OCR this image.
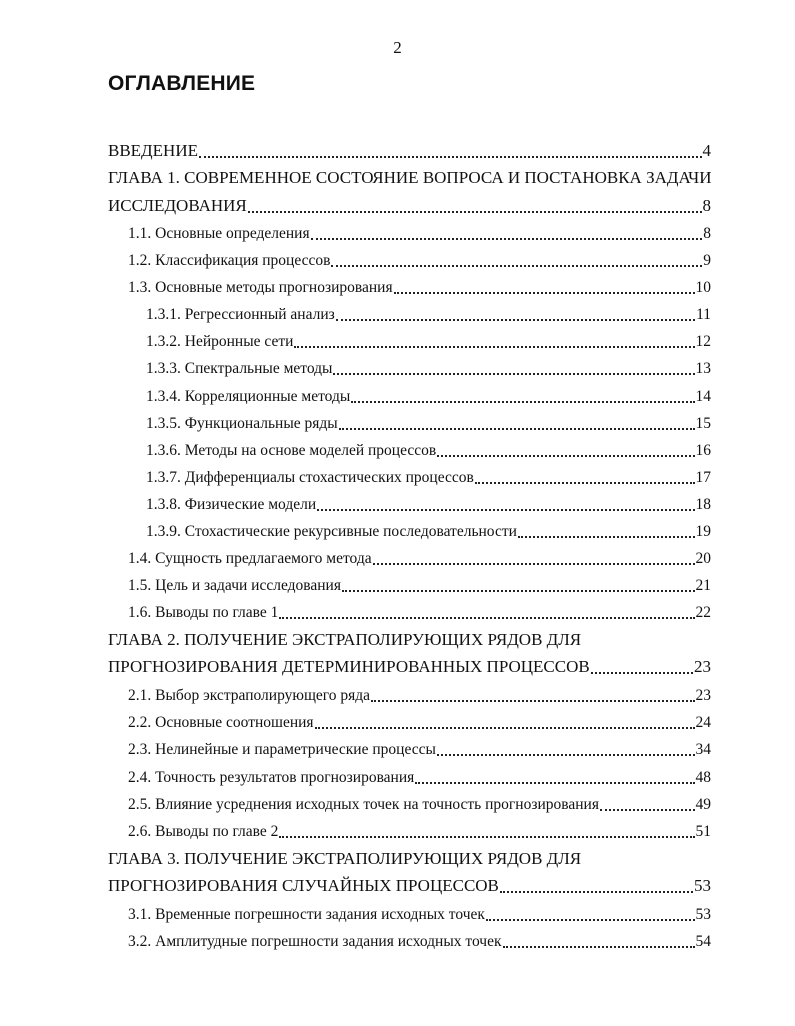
2
ОГЛАВЛЕНИЕ
ВВЕДЕНИЕ	4
ГЛАВА 1. СОВРЕМЕННОЕ СОСТОЯНИЕ ВОПРОСА И ПОСТАНОВКА ЗАДАЧИ
ИССЛЕДОВАНИЯ	8
1.1. Основные определения	8
1.2. Классификация процессов	9
1.3. Основные методы прогнозирования	10
1.3.1. Регрессионный анализ	11
1.3.2. Нейронные сети	12
1.3.3. Спектральные методы	13
1.3.4. Корреляционные методы	14
1.3.5. Функциональные ряды	15
1.3.6. Методы на основе моделей процессов	16
1.3.7. Дифференциалы стохастических процессов	17
1.3.8. Физические модели	18
1.3.9. Стохастические рекурсивные последовательности	19
1.4. Сущность предлагаемого метода	20
1.5. Цель и задачи исследования	21
1.6. Выводы по главе 1	22
ГЛАВА 2. ПОЛУЧЕНИЕ ЭКСТРАПОЛИРУЮЩИХ РЯДОВ ДЛЯ
ПРОГНОЗИРОВАНИЯ ДЕТЕРМИНИРОВАННЫХ ПРОЦЕССОВ	23
2.1. Выбор экстраполирующего ряда	23
2.2. Основные соотношения	24
2.3. Нелинейные и параметрические процессы	34
2.4. Точность результатов прогнозирования	48
2.5. Влияние усреднения исходных точек на точность прогнозирования	49
2.6. Выводы по главе 2	51
ГЛАВА 3. ПОЛУЧЕНИЕ ЭКСТРАПОЛИРУЮЩИХ РЯДОВ ДЛЯ
ПРОГНОЗИРОВАНИЯ СЛУЧАЙНЫХ ПРОЦЕССОВ	53
3.1. Временные погрешности задания исходных точек	53
3.2. Амплитудные погрешности задания исходных точек	54
